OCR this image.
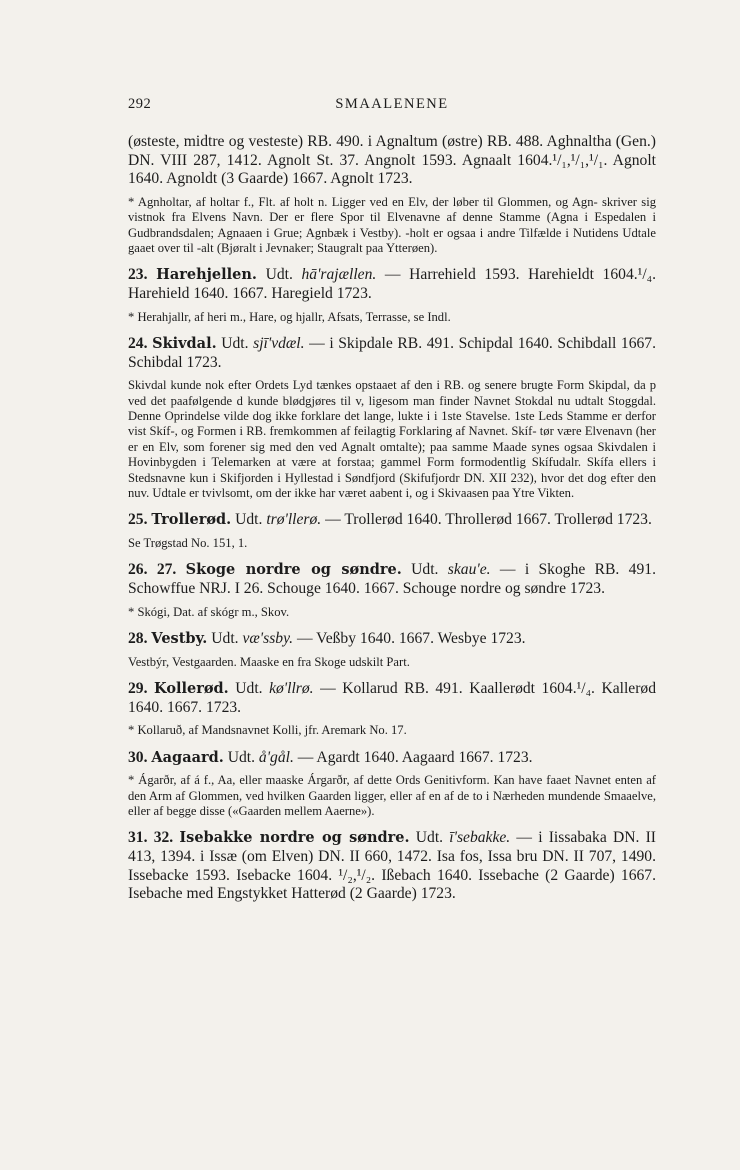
292	SMAALENENE

(østeste, midtre og vesteste) RB. 490. i Agnaltum (østre) RB. 488. Aghnaltha (Gen.) DN. VIII 287, 1412. Agnolt St. 37. Angnolt 1593. Agnaalt 1604.¹/₁,¹/₁,¹/₁. Agnolt 1640. Agnoldt (3 Gaarde) 1667. Agnolt 1723.

* Agnholtar, af holtar f., Flt. af holt n. Ligger ved en Elv, der løber til Glommen, og Agn- skriver sig vistnok fra Elvens Navn. Der er flere Spor til Elvenavne af denne Stamme (Agna i Espedalen i Gudbrandsdalen; Agnaaen i Grue; Agnbæk i Vestby). -holt er ogsaa i andre Tilfælde i Nutidens Udtale gaaet over til -alt (Bjøralt i Jevnaker; Staugralt paa Ytterøen).

23. Harehjellen. Udt. hā'rajællen. — Harrehield 1593. Harehieldt 1604.¹/₄. Harehield 1640. 1667. Haregield 1723.

* Herahjallr, af heri m., Hare, og hjallr, Afsats, Terrasse, se Indl.

24. Skivdal. Udt. sjī'vdæl. — i Skipdale RB. 491. Schipdal 1640. Schibdall 1667. Schibdal 1723.

Skivdal kunde nok efter Ordets Lyd tænkes opstaaet af den i RB. og senere brugte Form Skipdal, da p ved det paafølgende d kunde blødgjøres til v, ligesom man finder Navnet Stokdal nu udtalt Stoggdal. Denne Oprindelse vilde dog ikke forklare det lange, lukte i i 1ste Stavelse. 1ste Leds Stamme er derfor vist Skíf-, og Formen i RB. fremkommen af feilagtig Forklaring af Navnet. Skíf- tør være Elvenavn (her er en Elv, som forener sig med den ved Agnalt omtalte); paa samme Maade synes ogsaa Skivdalen i Hovinbygden i Telemarken at være at forstaa; gammel Form formodentlig Skífudalr. Skífa ellers i Stedsnavne kun i Skifjorden i Hyllestad i Søndfjord (Skifufjordr DN. XII 232), hvor det dog efter den nuv. Udtale er tvivlsomt, om der ikke har været aabent i, og i Skivaasen paa Ytre Vikten.

25. Trollerød. Udt. trø'llerø. — Trollerød 1640. Throllerød 1667. Trollerød 1723.

Se Trøgstad No. 151, 1.

26. 27. Skoge nordre og søndre. Udt. skau'e. — i Skoghe RB. 491. Schowffue NRJ. I 26. Schouge 1640. 1667. Schouge nordre og søndre 1723.

* Skógi, Dat. af skógr m., Skov.

28. Vestby. Udt. væ'ssby. — Veßby 1640. 1667. Wesbye 1723.

Vestbýr, Vestgaarden. Maaske en fra Skoge udskilt Part.

29. Kollerød. Udt. kø'llrø. — Kollarud RB. 491. Kaallerødt 1604.¹/₄. Kallerød 1640. 1667. 1723.

* Kollaruð, af Mandsnavnet Kolli, jfr. Aremark No. 17.

30. Aagaard. Udt. å'gål. — Agardt 1640. Aagaard 1667. 1723.

* Ágarðr, af á f., Aa, eller maaske Árgarðr, af dette Ords Genitivform. Kan have faaet Navnet enten af den Arm af Glommen, ved hvilken Gaarden ligger, eller af en af de to i Nærheden mundende Smaaelve, eller af begge disse («Gaarden mellem Aaerne»).

31. 32. Isebakke nordre og søndre. Udt. ī'sebakke. — i Iissabaka DN. II 413, 1394. i Issæ (om Elven) DN. II 660, 1472. Isa fos, Issa bru DN. II 707, 1490. Issebacke 1593. Isebacke 1604. ¹/₂,¹/₂. Ißebach 1640. Issebache (2 Gaarde) 1667. Isebache med Engstykket Hatterød (2 Gaarde) 1723.
